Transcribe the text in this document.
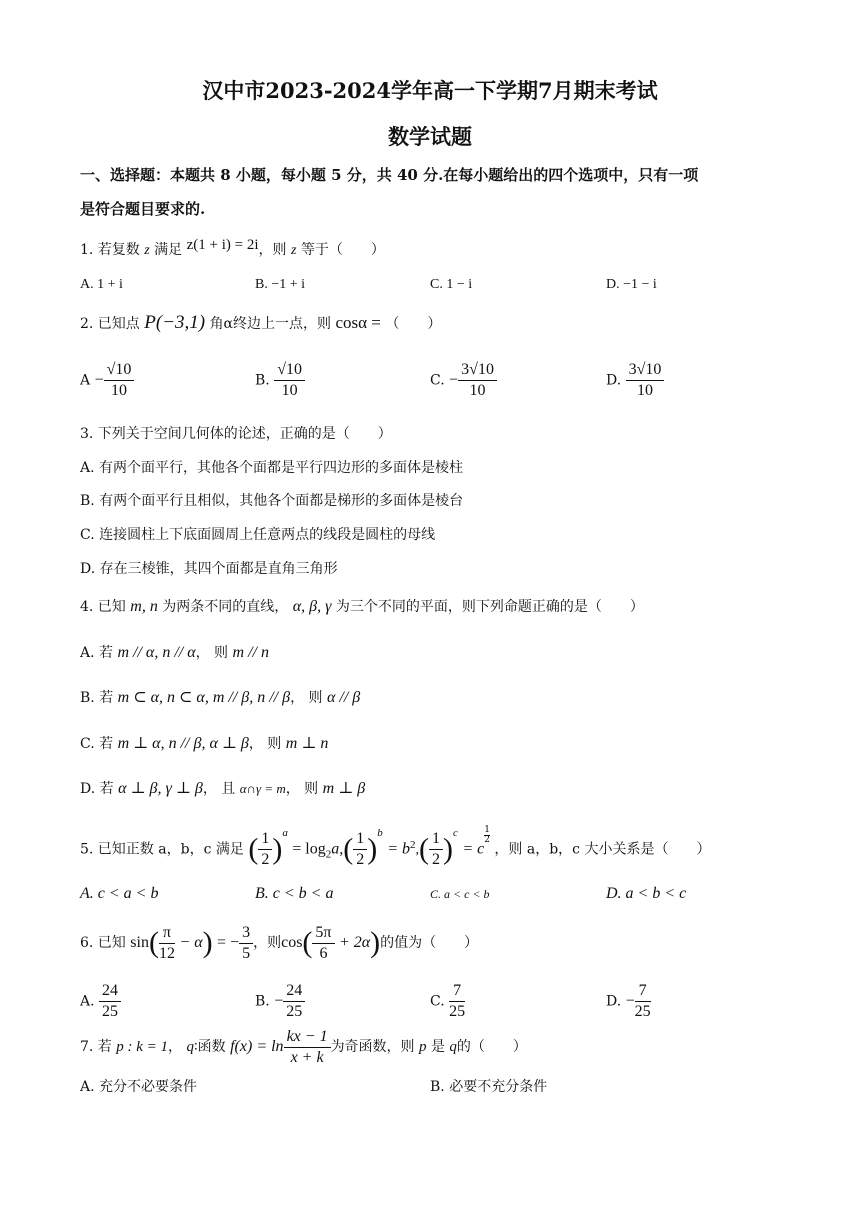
汉中市2023-2024学年高一下学期7月期末考试
数学试题
一、选择题：本题共 8 小题，每小题 5 分，共 40 分.在每小题给出的四个选项中，只有一项
是符合题目要求的.
1. 若复数 z 满足 z(1 + i) = 2i，则 z 等于（　　）
A. 1 + i	B. −1 + i	C. 1 − i	D. −1 − i
2. 已知点 P(−3,1) 角α终边上一点，则 cosα = （　　）
$A - \frac{√10}{10}$	B. $\frac{√10}{10}$	C. − $\frac{3√10}{10}$	D. $\frac{3√10}{10}$
3. 下列关于空间几何体的论述，正确的是（　　）
A. 有两个面平行，其他各个面都是平行四边形的多面体是棱柱
B. 有两个面平行且相似，其他各个面都是梯形的多面体是棱台
C. 连接圆柱上下底面圆周上任意两点的线段是圆柱的母线
D. 存在三棱锥，其四个面都是直角三角形
4. 已知 m, n 为两条不同的直线， α, β, γ 为三个不同的平面，则下列命题正确的是（　　）
A. 若 m // α, n // α， 则 m // n
B. 若 m ⊂ α, n ⊂ α, m // β, n // β， 则 α // β
C. 若 m ⊥ α, n // β, α ⊥ β， 则 m ⊥ n
D. 若 α ⊥ β, γ ⊥ β， 且 α∩γ = m， 则 m ⊥ β
5. 已知正数 a，b，c 满足 ( $\frac{1}{2} )^a = \log_2a,( \frac{1}{2} )^b = b^2,( \frac{1}{2} )^c = c$
$\frac{1}{2}$
，则 a，b，c 大小关系是（　　）
A. c < a < b	B. c < b < a	C. a < c < b	D. a < b < c
6. 已知 $\sin( \frac{\pi}{12} - \alpha)$ = − $\frac{3}{5}$ ，则$\cos( \frac{5\pi}{6} + 2\alpha)$的值为（　　）
A. $\frac{24}{25}$	B. − $\frac{24}{25}$	C. $\frac{7}{25}$	D. − $\frac{7}{25}$
7. 若 p : k = 1， q∶函数 $f(x) = \ln \frac{kx - 1}{x + k}$ 为奇函数，则 p 是 q的（　　）
A. 充分不必要条件	B. 必要不充分条件
